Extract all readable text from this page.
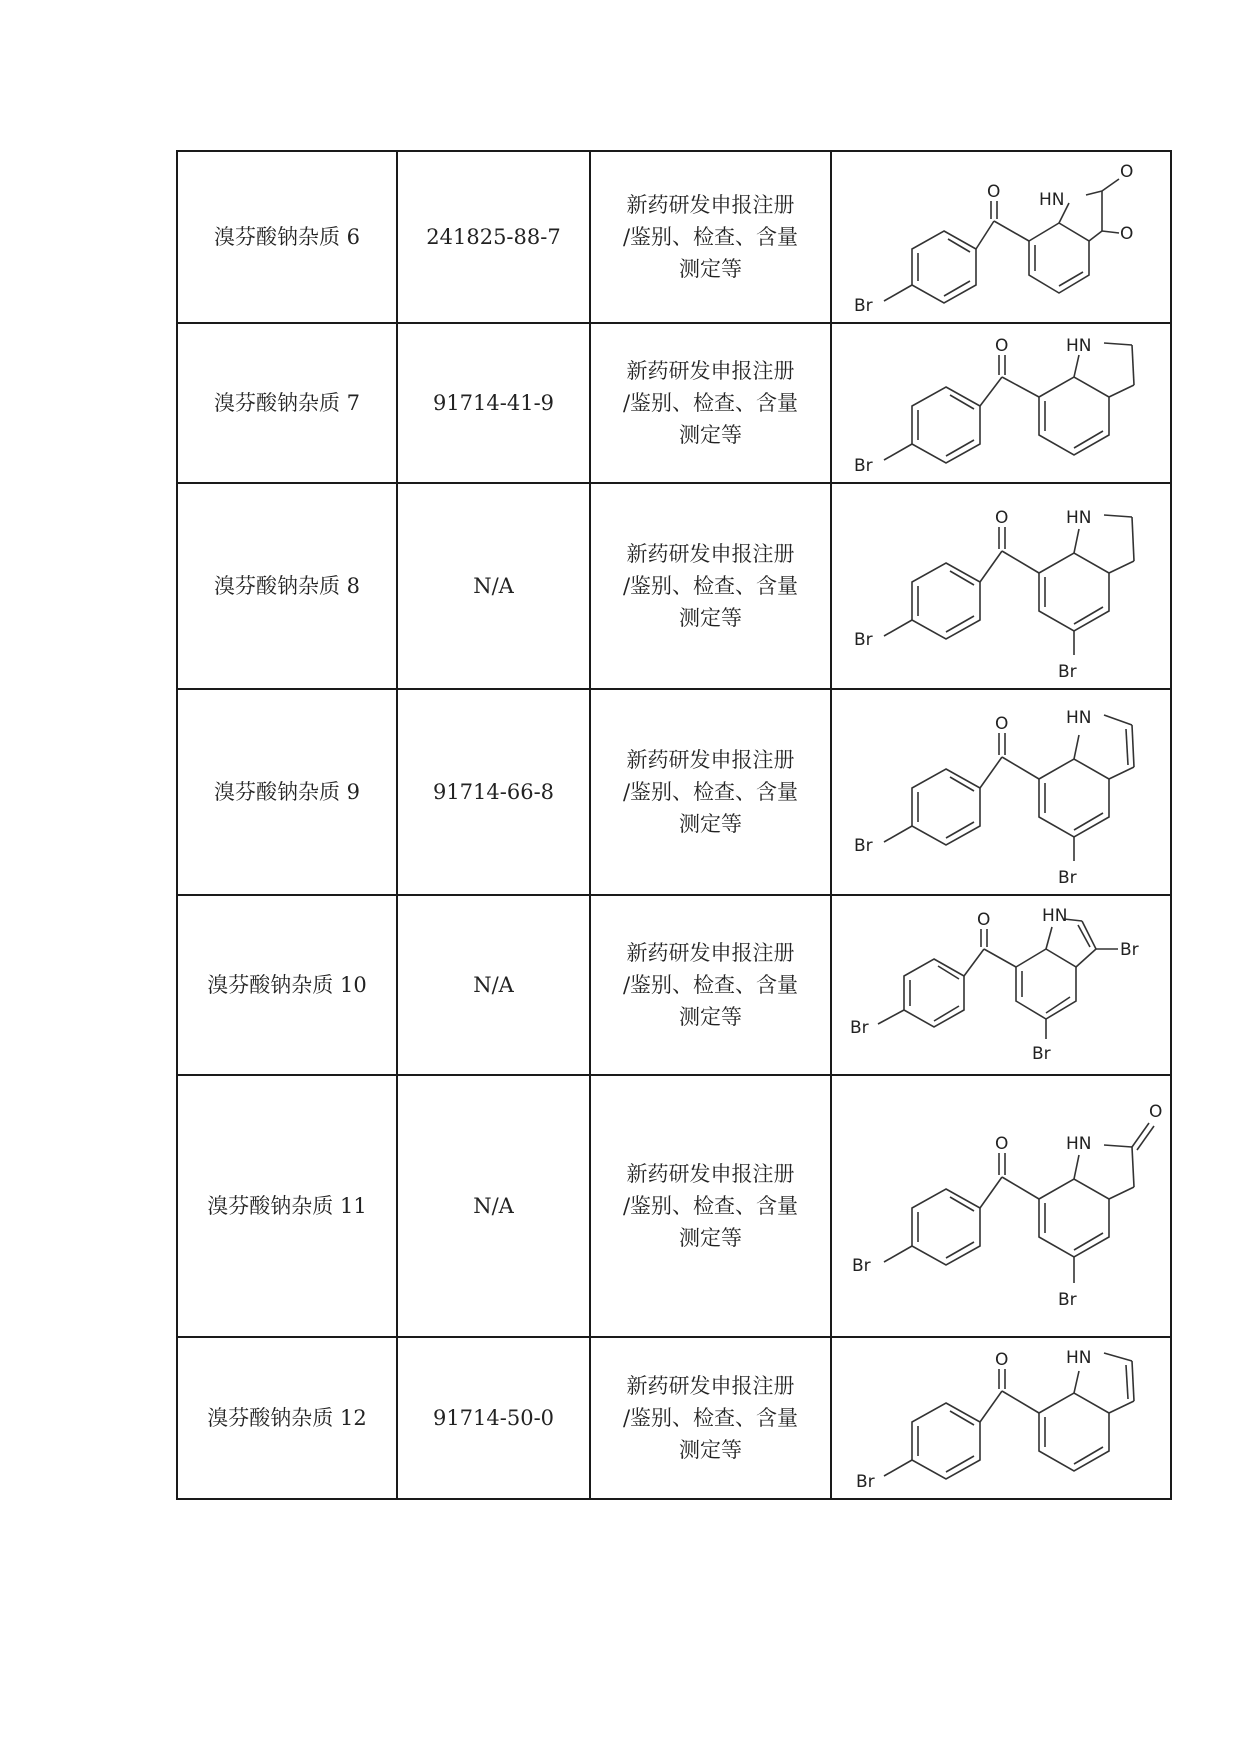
溴芬酸钠杂质 6	241825-88-7	新药研发申报注册
/鉴别、检查、含量
测定等	Br
O HN
O
O

溴芬酸钠杂质 7	91714-41-9	新药研发申报注册
/鉴别、检查、含量
测定等	Br
O HN

溴芬酸钠杂质 8	N/A	新药研发申报注册
/鉴别、检查、含量
测定等	Br
O HN
Br

溴芬酸钠杂质 9	91714-66-8	新药研发申报注册
/鉴别、检查、含量
测定等	Br
O HN
Br

溴芬酸钠杂质 10	N/A	新药研发申报注册
/鉴别、检查、含量
测定等	Br
O HN
Br
Br

溴芬酸钠杂质 11	N/A	新药研发申报注册
/鉴别、检查、含量
测定等	Br
O
O
HN
Br

溴芬酸钠杂质 12	91714-50-0	新药研发申报注册
/鉴别、检查、含量
测定等	Br
O HN
